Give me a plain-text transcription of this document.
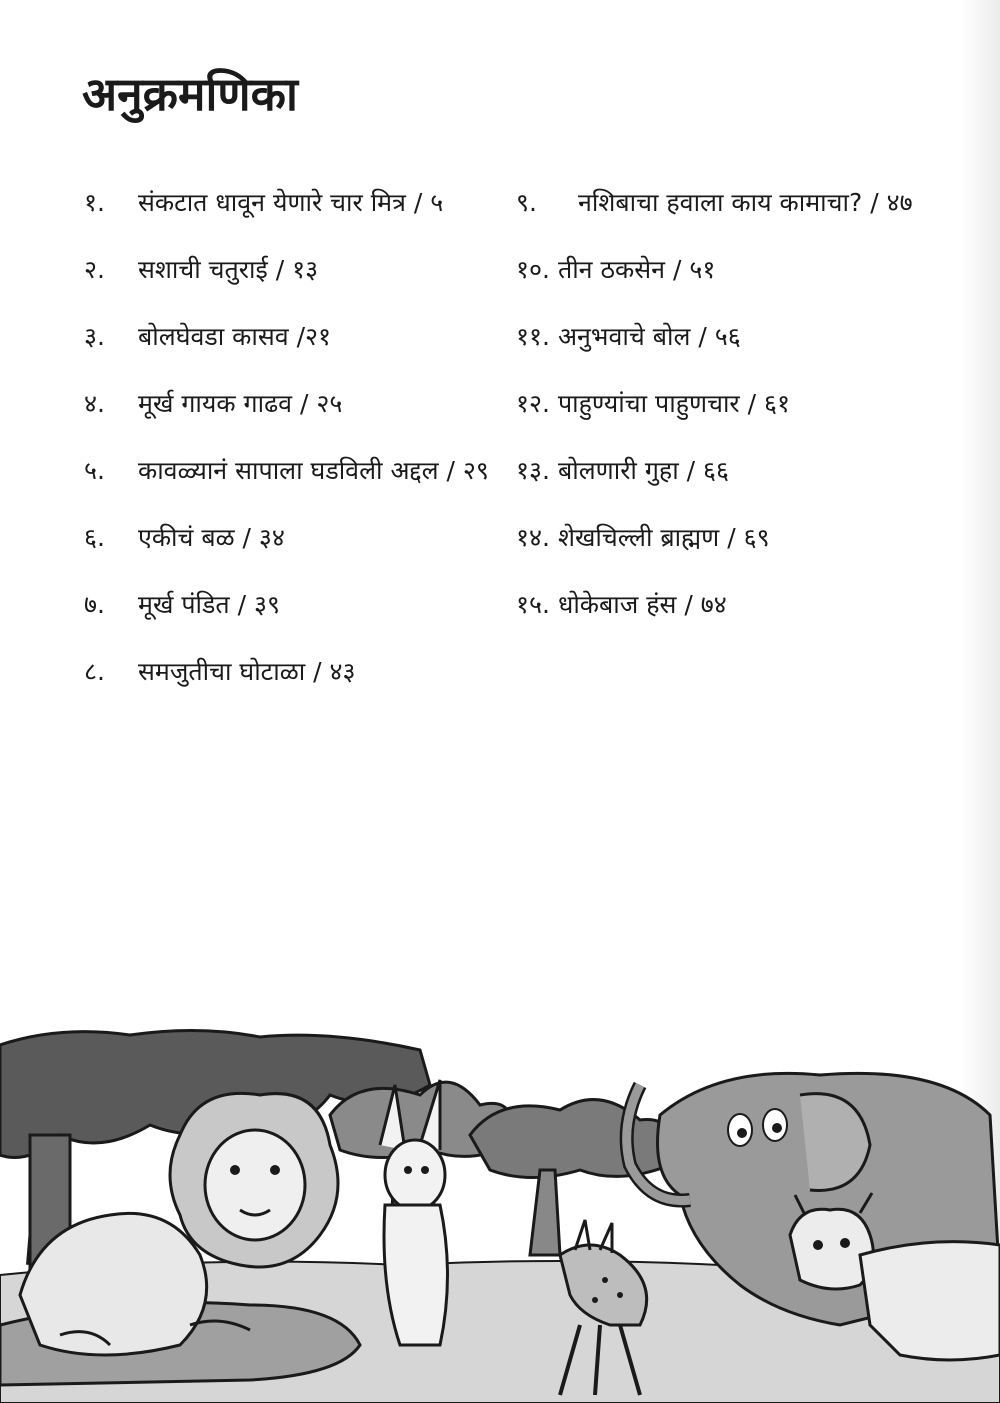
अनुक्रमणिका
१.	संकटात धावून येणारे चार मित्र / ५
२.	सशाची चतुराई / १३
३.	बोलघेवडा कासव /२१
४.	मूर्ख गायक गाढव / २५
५.	कावळ्यानं सापाला घडविली अद्दल / २९
६.	एकीचं बळ / ३४
७.	मूर्ख पंडित / ३९
८.	समजुतीचा घोटाळा / ४३
९.	नशिबाचा हवाला काय कामाचा? / ४७
१०. तीन ठकसेन / ५१
११. अनुभवाचे बोल / ५६
१२. पाहुण्यांचा पाहुणचार / ६१
१३. बोलणारी गुहा / ६६
१४. शेखचिल्ली ब्राह्मण / ६९
१५. धोकेबाज हंस / ७४
